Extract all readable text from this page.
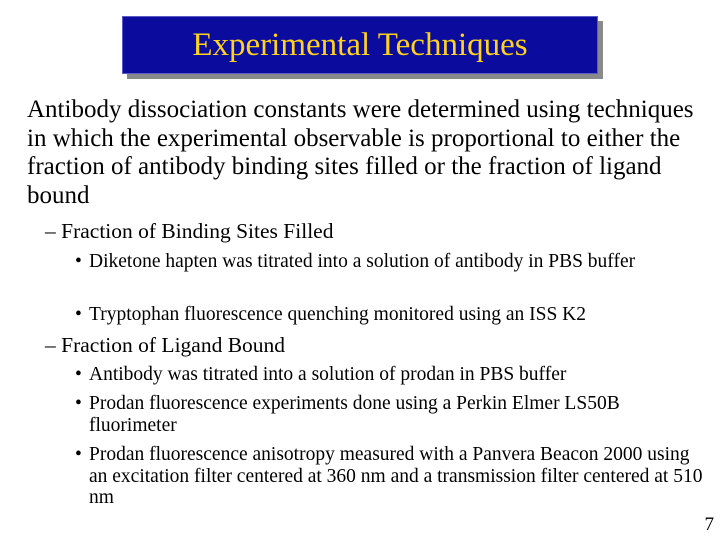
Experimental Techniques

Antibody dissociation constants were determined using techniques in which the experimental observable is proportional to either the fraction of antibody binding sites filled or the fraction of ligand bound

– Fraction of Binding Sites Filled
• Diketone hapten was titrated into a solution of antibody in PBS buffer
• Tryptophan fluorescence quenching monitored using an ISS K2
– Fraction of Ligand Bound
• Antibody was titrated into a solution of prodan in PBS buffer
• Prodan fluorescence experiments done using a Perkin Elmer LS50B fluorimeter
• Prodan fluorescence anisotropy measured with a Panvera Beacon 2000 using an excitation filter centered at 360 nm and a transmission filter centered at 510 nm
7
